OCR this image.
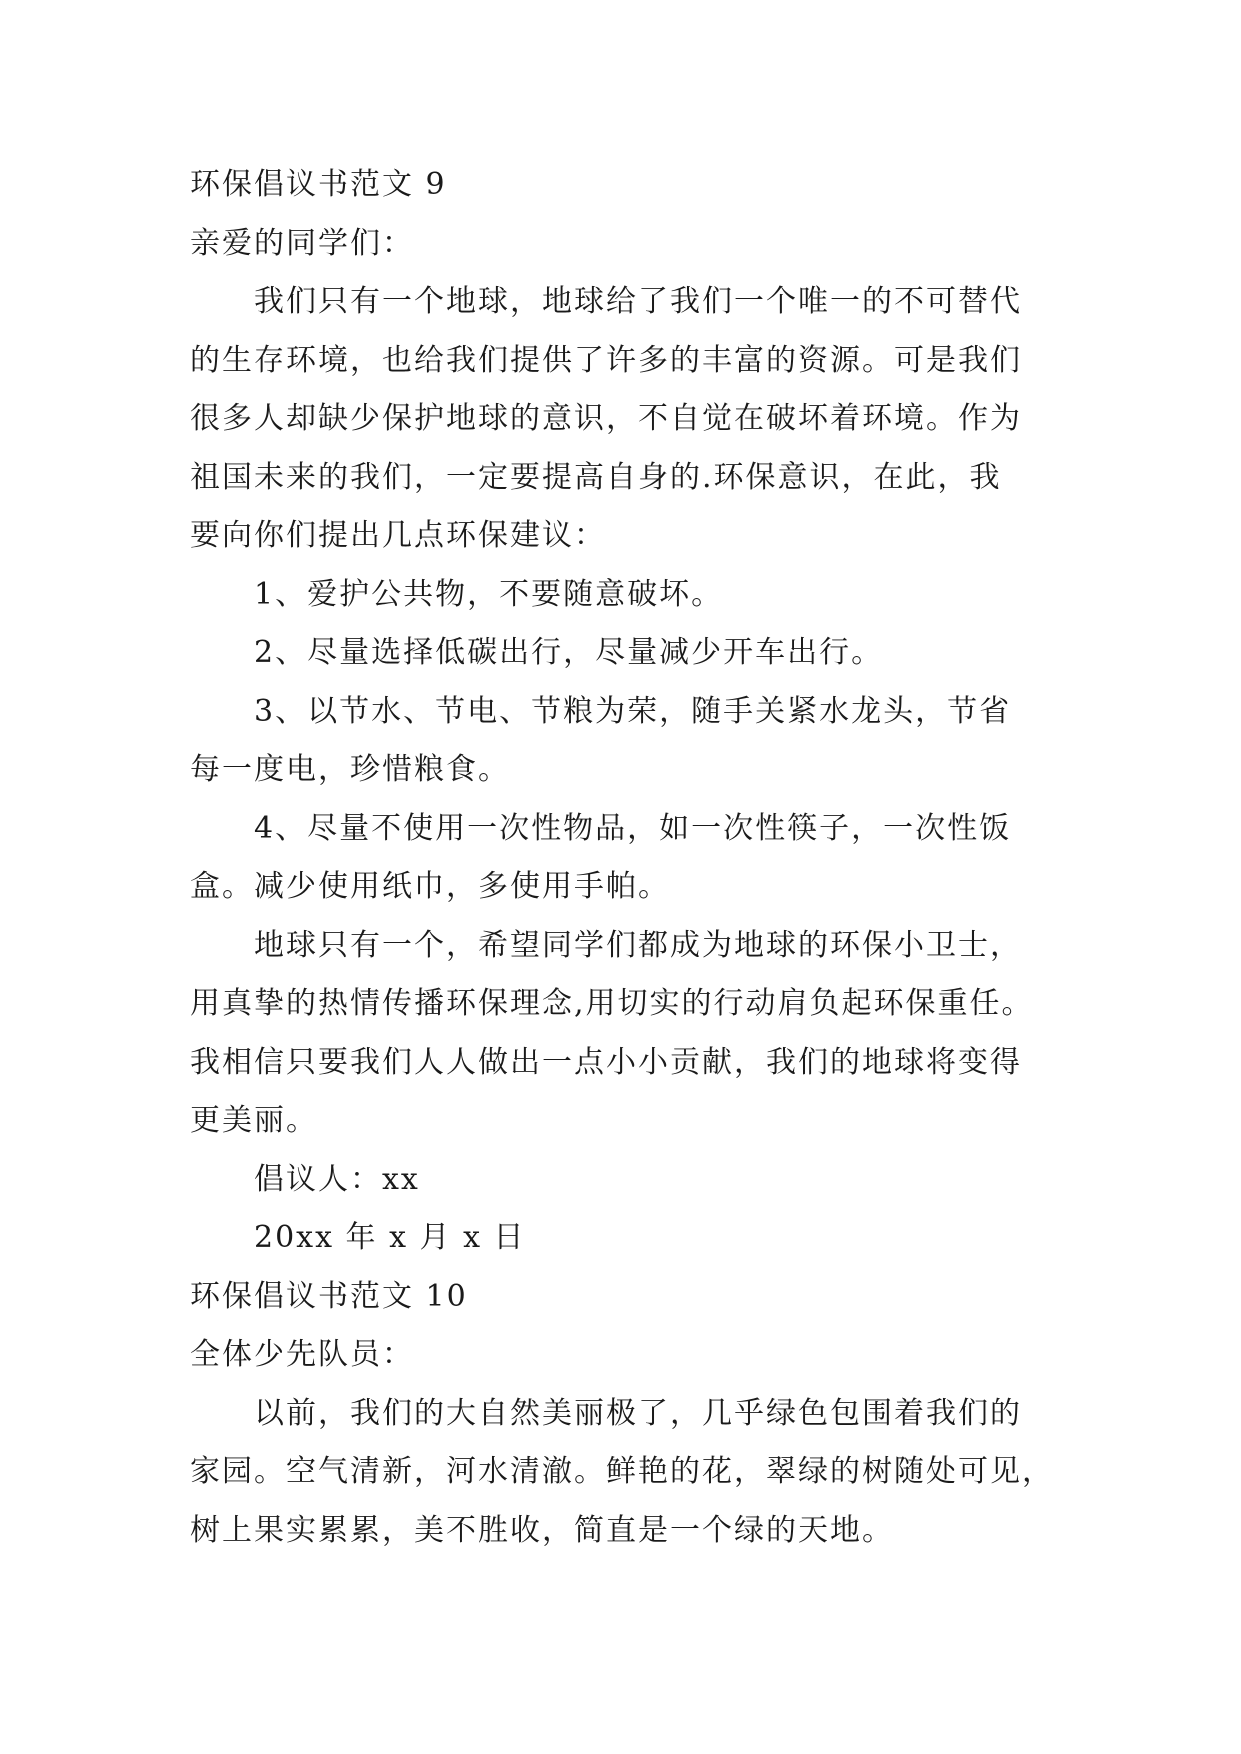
环保倡议书范文 9
亲爱的同学们：
我们只有一个地球，地球给了我们一个唯一的不可替代
的生存环境，也给我们提供了许多的丰富的资源。可是我们
很多人却缺少保护地球的意识，不自觉在破坏着环境。作为
祖国未来的我们，一定要提高自身的.环保意识，在此，我
要向你们提出几点环保建议：
1、爱护公共物，不要随意破坏。
2、尽量选择低碳出行，尽量减少开车出行。
3、以节水、节电、节粮为荣，随手关紧水龙头，节省
每一度电，珍惜粮食。
4、尽量不使用一次性物品，如一次性筷子，一次性饭
盒。减少使用纸巾，多使用手帕。
地球只有一个，希望同学们都成为地球的环保小卫士，
用真挚的热情传播环保理念,用切实的行动肩负起环保重任。
我相信只要我们人人做出一点小小贡献，我们的地球将变得
更美丽。
倡议人：xx
20xx 年 x 月 x 日
环保倡议书范文 10
全体少先队员：
以前，我们的大自然美丽极了，几乎绿色包围着我们的
家园。空气清新，河水清澈。鲜艳的花，翠绿的树随处可见，
树上果实累累，美不胜收，简直是一个绿的天地。
